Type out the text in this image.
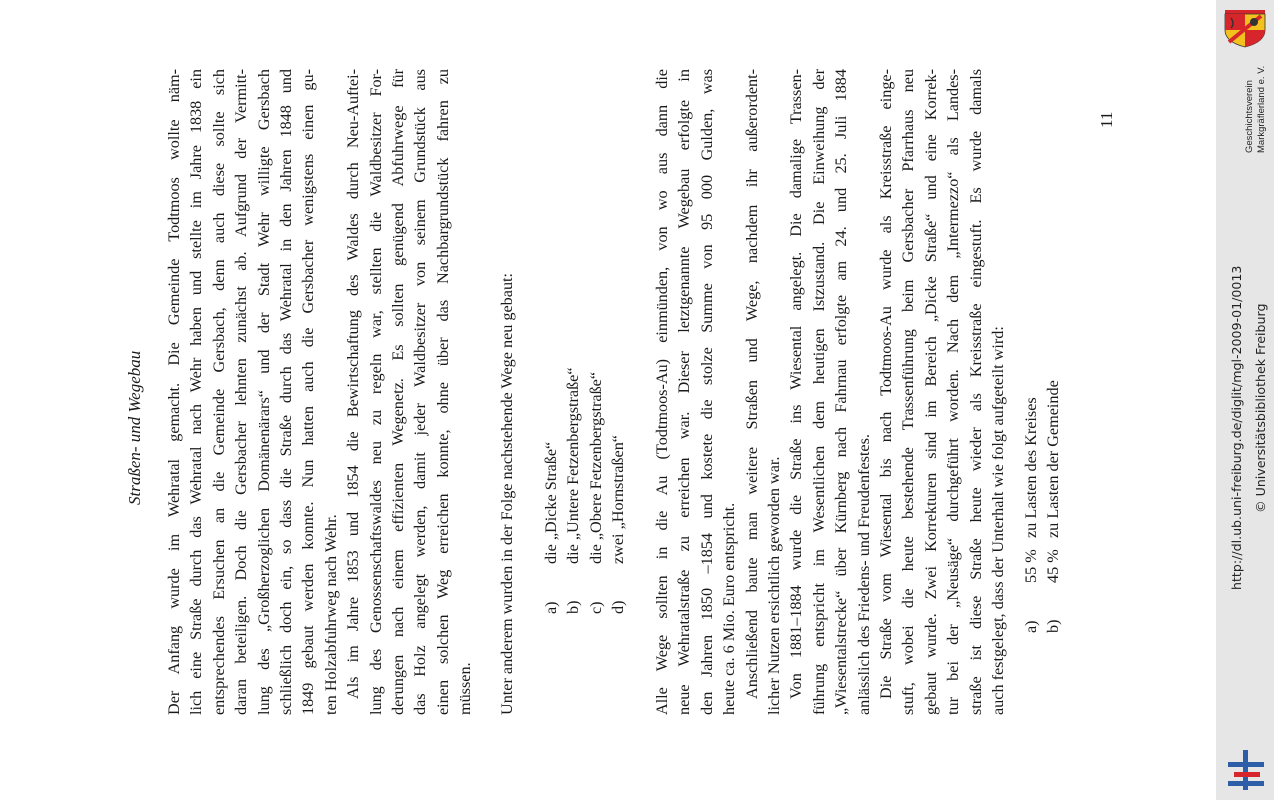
Straßen- und Wegebau Der Anfang wurde im Wehratal gemacht. Die Gemeinde Todtmoos wollte näm- lich eine Straße durch das Wehratal nach Wehr haben und stellte im Jahre 1838 ein entsprechendes Ersuchen an die Gemeinde Gersbach, denn auch diese sollte sich daran beteiligen. Doch die Gersbacher lehnten zunächst ab. Aufgrund der Vermitt- lung des „Großherzoglichen Domänenärars“ und der Stadt Wehr willigte Gersbach schließlich doch ein, so dass die Straße durch das Wehratal in den Jahren 1848 und 1849 gebaut werden konnte. Nun hatten auch die Gersbacher wenigstens einen gu- ten Holzabfuhrweg nach Wehr. Als im Jahre 1853 und 1854 die Bewirtschaftung des Waldes durch Neu-Auftei- lung des Genossenschaftswaldes neu zu regeln war, stellten die Waldbesitzer For- derungen nach einem effizienten Wegenetz. Es sollten genügend Abfuhrwege für das Holz angelegt werden, damit jeder Waldbesitzer von seinem Grundstück aus einen solchen Weg erreichen konnte, ohne über das Nachbargrundstück fahren zu müssen. Unter anderem wurden in der Folge nachstehende Wege neu gebaut: a)
die „Dicke Straße“
b)
die „Untere Fetzenbergstraße“
c)
die „Obere Fetzenbergstraße“
d)
zwei „Hornstraßen“ Alle Wege sollten in die Au (Todtmoos-Au) einmünden, von wo aus dann die neue Wehratalstraße zu erreichen war. Dieser letztgenannte Wegebau erfolgte in den Jahren 1850 –1854 und kostete die stolze Summe von 95 000 Gulden, was heute ca. 6 Mio. Euro entspricht. Anschließend baute man weitere Straßen und Wege, nachdem ihr außerordent- licher Nutzen ersichtlich geworden war. Von 1881–1884 wurde die Straße ins Wiesental angelegt. Die damalige Trassen- führung entspricht im Wesentlichen dem heutigen Istzustand. Die Einweihung der „Wiesentalstrecke“ über Kürnberg nach Fahrnau erfolgte am 24. und 25. Juli 1884 anlässlich des Friedens- und Freudenfestes. Die Straße vom Wiesental bis nach Todtmoos-Au wurde als Kreisstraße einge- stuft, wobei die heute bestehende Trassenführung beim Gersbacher Pfarrhaus neu gebaut wurde. Zwei Korrekturen sind im Bereich „Dicke Straße“ und eine Korrek- tur bei der „Neusäge“ durchgeführt worden. Nach dem „Intermezzo“ als Landes- straße ist diese Straße heute wieder als Kreisstraße eingestuft. Es wurde damals auch festgelegt, dass der Unterhalt wie folgt aufgeteilt wird: a)
55 %
zu Lasten des Kreises
b)
45 %
zu Lasten der Gemeinde
11	Geschichtsverein Markgräflerland e. V.
http://dl.ub.uni-freiburg.de/diglit/mgl-2009-01/0013 © Universitätsbibliothek Freiburg
